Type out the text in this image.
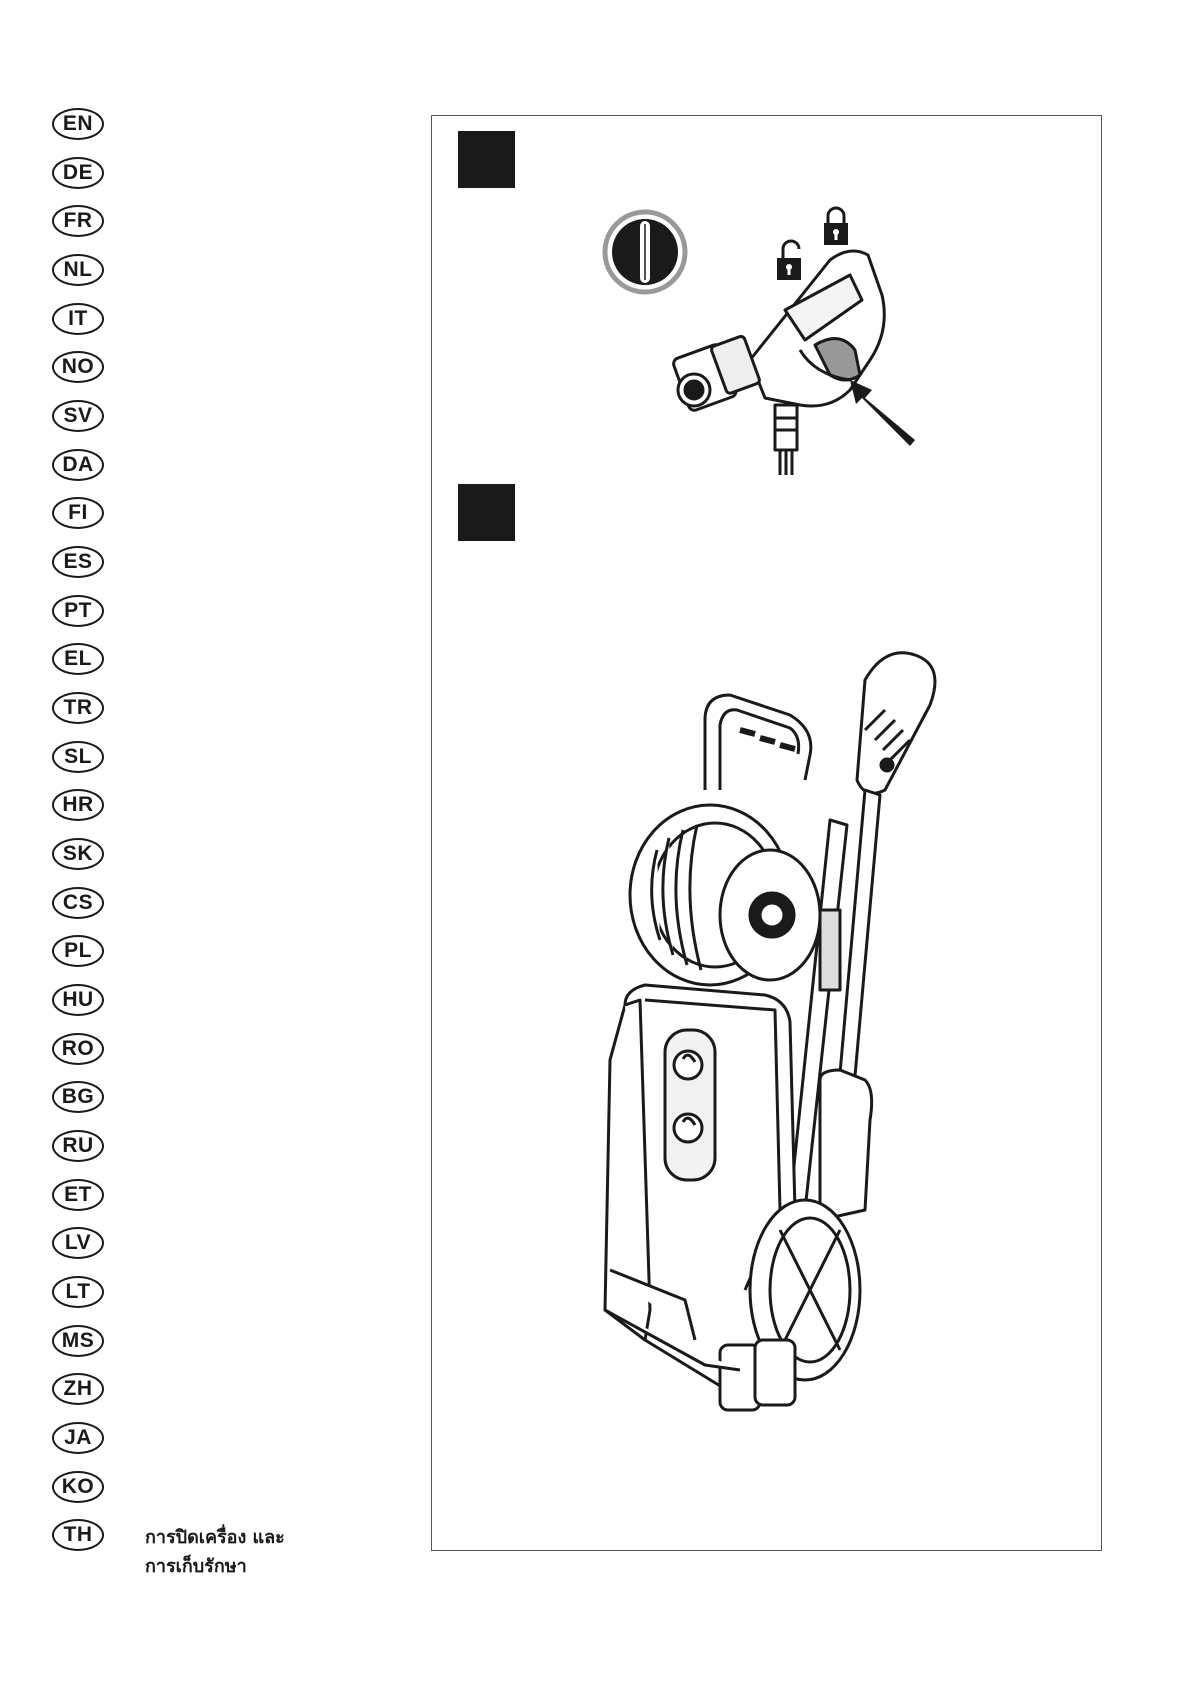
EN
DE
FR
NL
IT
NO
SV
DA
FI
ES
PT
EL
TR
SL
HR
SK
CS
PL
HU
RO
BG
RU
ET
LV
LT
MS
ZH
JA
KO
TH	การปิดเครื่อง และ
การเก็บรักษา
